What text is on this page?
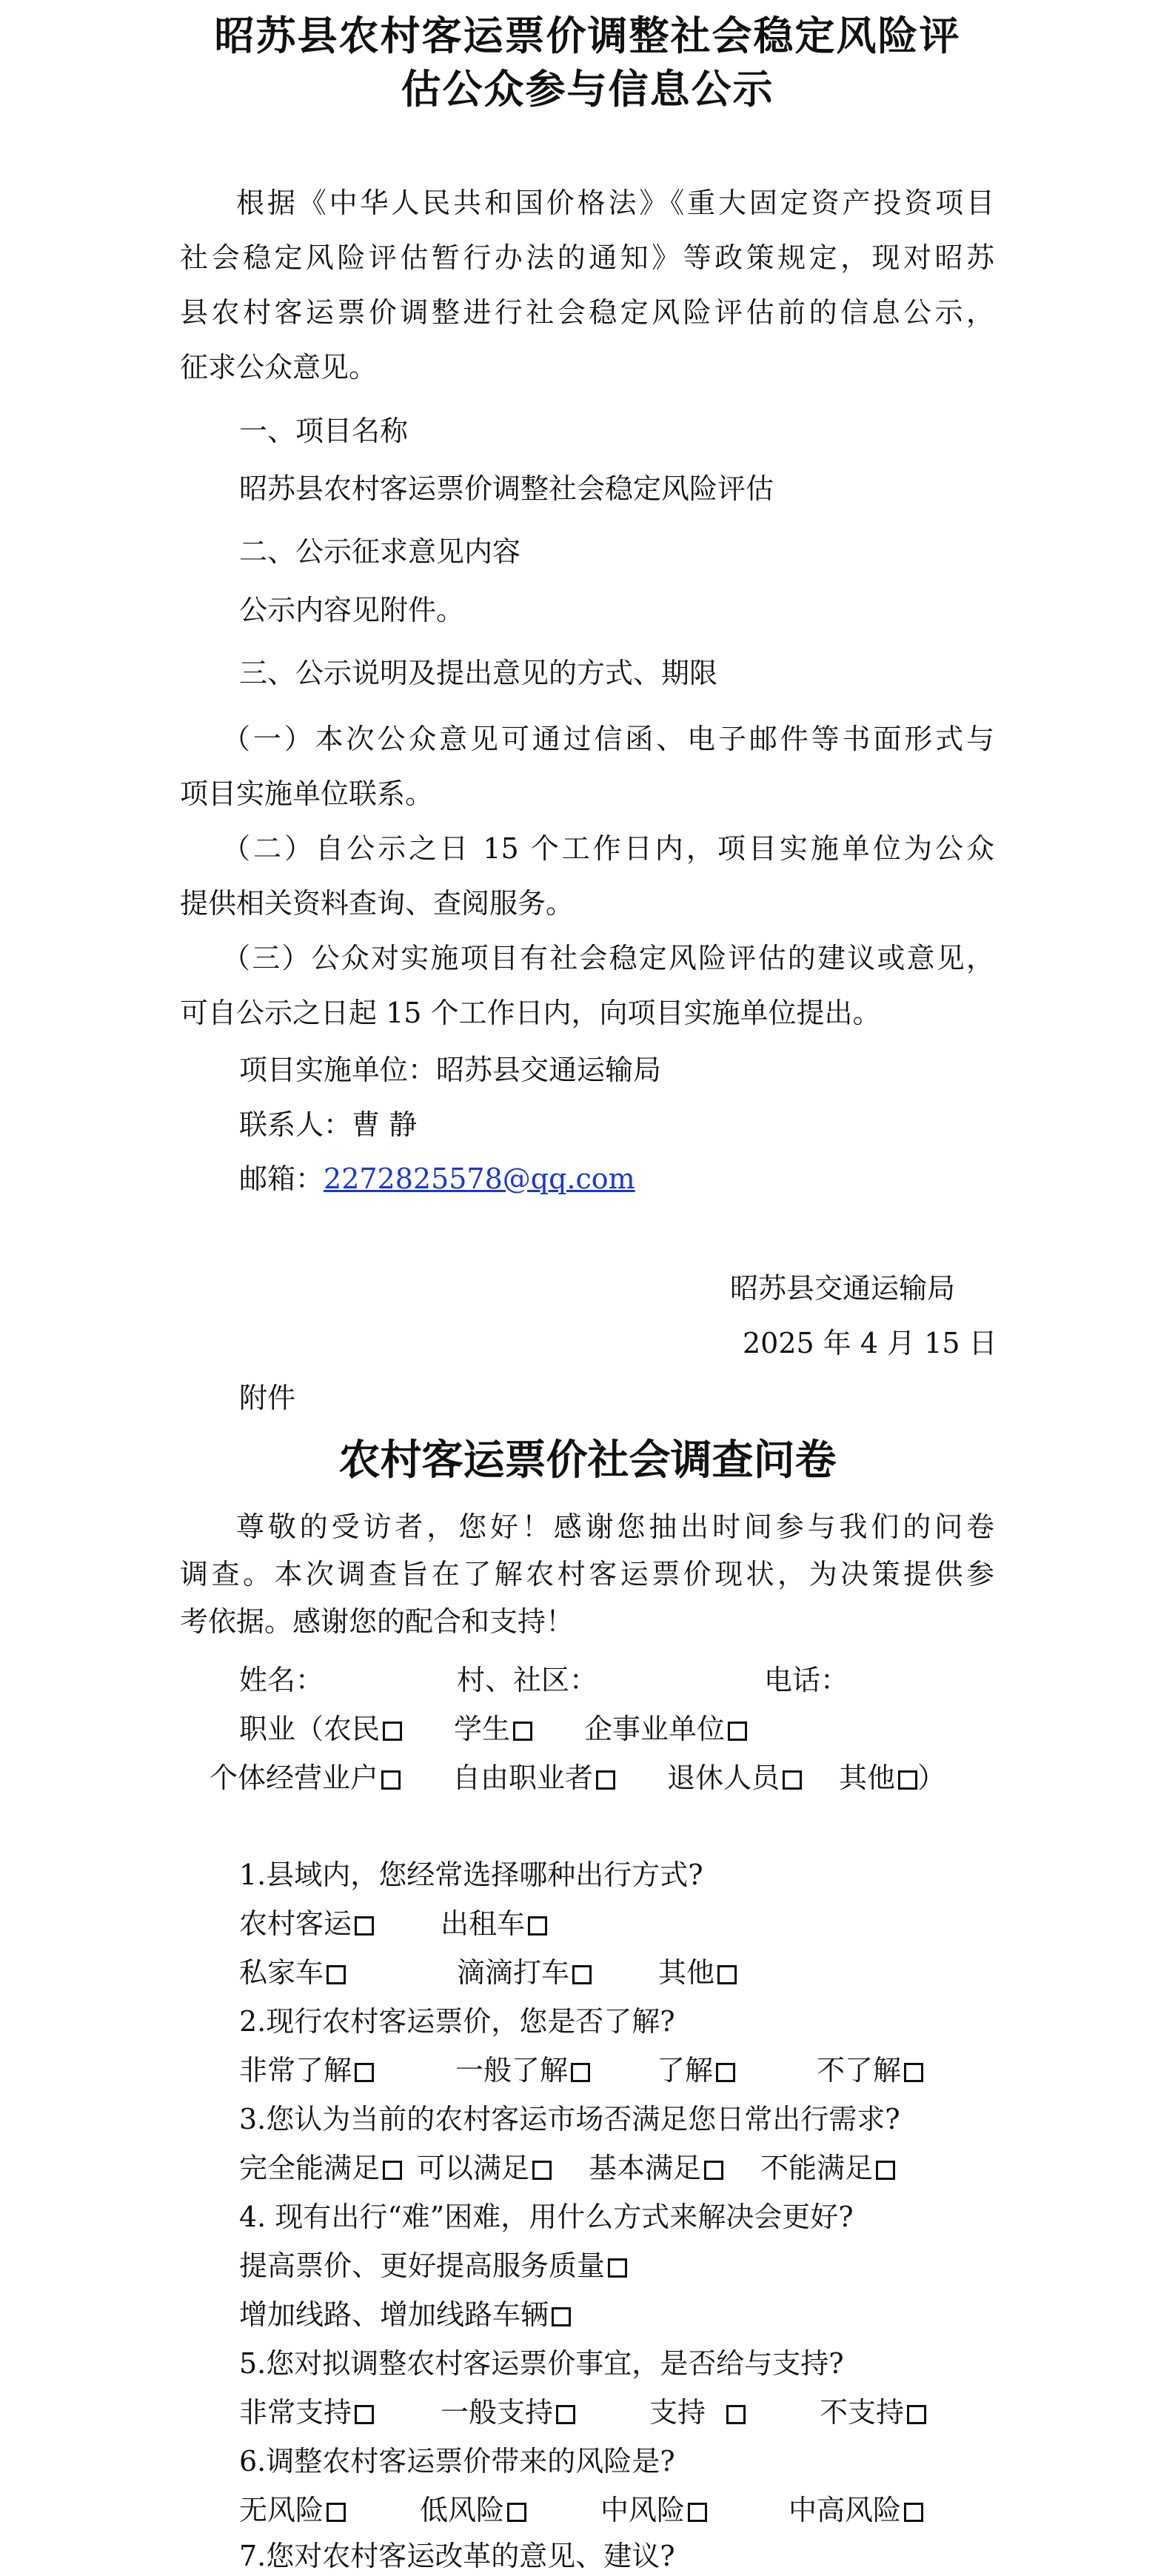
昭苏县农村客运票价调整社会稳定风险评
估公众参与信息公示
根据《中华人民共和国价格法》《重大固定资产投资项目
社会稳定风险评估暂行办法的通知》等政策规定，现对昭苏
县农村客运票价调整进行社会稳定风险评估前的信息公示，
征求公众意见。
一、项目名称
昭苏县农村客运票价调整社会稳定风险评估
二、公示征求意见内容
公示内容见附件。
三、公示说明及提出意见的方式、期限
（一）本次公众意见可通过信函、电子邮件等书面形式与
项目实施单位联系。
（二）自公示之日 15 个工作日内，项目实施单位为公众
提供相关资料查询、查阅服务。
（三）公众对实施项目有社会稳定风险评估的建议或意见，
可自公示之日起 15 个工作日内，向项目实施单位提出。
项目实施单位：昭苏县交通运输局
联系人：曹 静
邮箱：2272825578@qq.com
昭苏县交通运输局
2025 年 4 月 15 日
附件
农村客运票价社会调查问卷
尊敬的受访者，您好！感谢您抽出时间参与我们的问卷
调查。本次调查旨在了解农村客运票价现状，为决策提供参
考依据。感谢您的配合和支持！
姓名：	村、社区：	电话：
职业（农民	学生	企事业单位
个体经营业户	自由职业者	退休人员 其他 ）
1.县域内，您经常选择哪种出行方式?
农村客运	出租车
私家车	滴滴打车	其他
2.现行农村客运票价，您是否了解?
非常了解	一般了解	了解	不了解
3.您认为当前的农村客运市场否满足您日常出行需求?
完全能满足 可以满足 基本满足 不能满足
4. 现有出行“难”困难，用什么方式来解决会更好?
提高票价、更好提高服务质量
增加线路、增加线路车辆
5.您对拟调整农村客运票价事宜，是否给与支持?
非常支持	一般支持	支持	不支持
6.调整农村客运票价带来的风险是?
无风险	低风险	中风险	中高风险
7.您对农村客运改革的意见、建议?
